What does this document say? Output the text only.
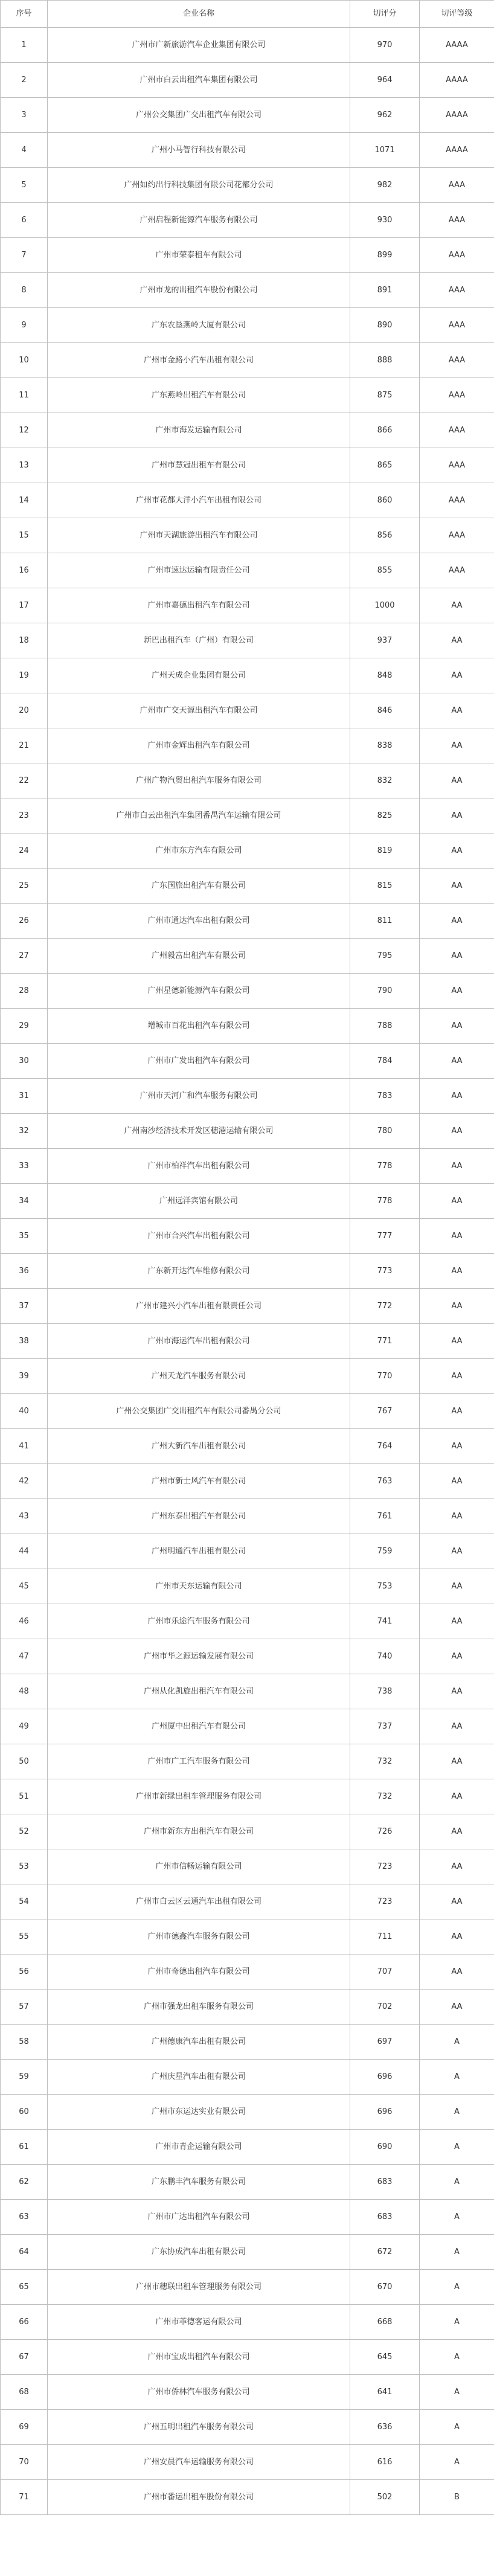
序号	企业名称	切评分	切评等级
1	广州市广新旅游汽车企业集团有限公司	970	AAAA
2	广州市白云出租汽车集团有限公司	964	AAAA
3	广州公交集团广交出租汽车有限公司	962	AAAA
4	广州小马智行科技有限公司	1071	AAAA
5	广州如约出行科技集团有限公司花都分公司	982	AAA
6	广州启程新能源汽车服务有限公司	930	AAA
7	广州市荣泰租车有限公司	899	AAA
8	广州市龙的出租汽车股份有限公司	891	AAA
9	广东农垦燕岭大厦有限公司	890	AAA
10	广州市金路小汽车出租有限公司	888	AAA
11	广东燕岭出租汽车有限公司	875	AAA
12	广州市海发运输有限公司	866	AAA
13	广州市慧冠出租车有限公司	865	AAA
14	广州市花都大洋小汽车出租有限公司	860	AAA
15	广州市天湖旅游出租汽车有限公司	856	AAA
16	广州市速达运输有限责任公司	855	AAA
17	广州市嘉德出租汽车有限公司	1000	AA
18	新巴出租汽车（广州）有限公司	937	AA
19	广州天成企业集团有限公司	848	AA
20	广州市广交天源出租汽车有限公司	846	AA
21	广州市金辉出租汽车有限公司	838	AA
22	广州广物汽贸出租汽车服务有限公司	832	AA
23	广州市白云出租汽车集团番禺汽车运输有限公司	825	AA
24	广州市东方汽车有限公司	819	AA
25	广东国旅出租汽车有限公司	815	AA
26	广州市通达汽车出租有限公司	811	AA
27	广州毅富出租汽车有限公司	795	AA
28	广州星德新能源汽车有限公司	790	AA
29	增城市百花出租汽车有限公司	788	AA
30	广州市广发出租汽车有限公司	784	AA
31	广州市天河广和汽车服务有限公司	783	AA
32	广州南沙经济技术开发区穗港运输有限公司	780	AA
33	广州市柏祥汽车出租有限公司	778	AA
34	广州远洋宾馆有限公司	778	AA
35	广州市合兴汽车出租有限公司	777	AA
36	广东新开达汽车维修有限公司	773	AA
37	广州市建兴小汽车出租有限责任公司	772	AA
38	广州市海运汽车出租有限公司	771	AA
39	广州天龙汽车服务有限公司	770	AA
40	广州公交集团广交出租汽车有限公司番禺分公司	767	AA
41	广州大新汽车出租有限公司	764	AA
42	广州市新士风汽车有限公司	763	AA
43	广州东泰出租汽车有限公司	761	AA
44	广州明通汽车出租有限公司	759	AA
45	广州市天东运输有限公司	753	AA
46	广州市乐途汽车服务有限公司	741	AA
47	广州市华之源运输发展有限公司	740	AA
48	广州从化凯旋出租汽车有限公司	738	AA
49	广州厦中出租汽车有限公司	737	AA
50	广州市广工汽车服务有限公司	732	AA
51	广州市新绿出租车管理服务有限公司	732	AA
52	广州市新东方出租汽车有限公司	726	AA
53	广州市信畅运输有限公司	723	AA
54	广州市白云区云通汽车出租有限公司	723	AA
55	广州市德鑫汽车服务有限公司	711	AA
56	广州市奇德出租汽车有限公司	707	AA
57	广州市强龙出租车服务有限公司	702	AA
58	广州德康汽车出租有限公司	697	A
59	广州庆星汽车出租有限公司	696	A
60	广州市东运达实业有限公司	696	A
61	广州市青企运输有限公司	690	A
62	广东鹏丰汽车服务有限公司	683	A
63	广州市广达出租汽车有限公司	683	A
64	广东协成汽车出租有限公司	672	A
65	广州市穗联出租车管理服务有限公司	670	A
66	广州市菲德客运有限公司	668	A
67	广州市宝成出租汽车有限公司	645	A
68	广州市侨林汽车服务有限公司	641	A
69	广州五明出租汽车服务有限公司	636	A
70	广州安晨汽车运输服务有限公司	616	A
71	广州市番运出租车股份有限公司	502	B
